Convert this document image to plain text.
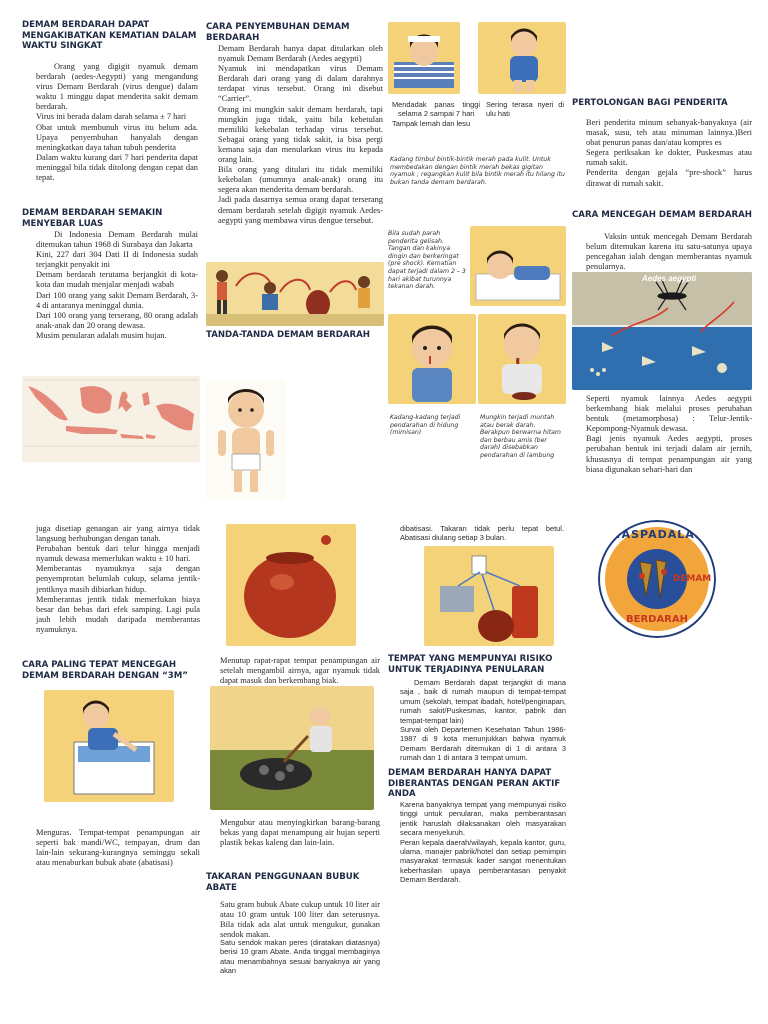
DEMAM BERDARAH DAPAT MENGAKIBATKAN KEMATIAN DALAM WAKTU SINGKAT

Orang yang digigit nyamuk demam berdarah (aedes-Aegypti) yang mengandung virus Demam Berdarah (virus dengue) dalam waktu 1 minggu dapat menderita sakit demam berdarah.

Virus ini berada dalam darah selama ± 7 hari

Obat untuk membunuh virus itu belum ada. Upaya penyembuhan hanyalah dengan meningkatkan daya tahan tubuh penderita

Dalam waktu kurang dari 7 hari penderita dapat meninggal bila tidak ditolong dengan cepat dan tepat.

DEMAM BERDARAH SEMAKIN MENYEBAR LUAS

Di Indonesia Demam Berdarah mulai ditemukan tahun 1968 di Surabaya dan Jakarta

Kini, 227 dari 304 Dati II di Indonesia sudah terjangkit penyakit ini

Demam berdarah terutama berjangkit di kota-kota dan mudah menjalar menjadi wabah

Dari 100 orang yang sakit Demam Berdarah, 3-4 di antaranya meninggal dunia.

Dari 100 orang yang terserang, 80 orang adalah anak-anak dan 20 orang dewasa.

Musim penularan adalah musim hujan.

CARA PENYEMBUHAN DEMAM BERDARAH

Demam Berdarah hanya dapat ditularkan oleh nyamuk Demam Berdarah (Aedes aegypti)

Nyamuk ini mendapatkan virus Demam Berdarah dari orang yang di dalam darahnya terdapat virus tersebut. Orang ini disebut “Carrier”.

Orang ini mungkin sakit demam berdarah, tapi mungkin juga tidak, yaitu bila kebetulan memiliki kekebalan terhadap virus tersebut. Sebagai orang yang tidak sakit, ia bisa pergi kemana saja dan menularkan virus itu kepada orang lain.

Bila orang yang ditulari itu tidak memiliki kekebalan (umumnya anak-anak) orang itu segera akan menderita demam berdarah.

Jadi pada dasarnya semua orang dapat terserang demam berdarah setelah digigit nyamuk Aedes-aegypti yang membawa virus dengue tersebut.

TANDA-TANDA DEMAM BERDARAH

Mendadak panas tinggi selama 2 sampai 7 hari

Tampak lemah dan lesu

Sering terasa nyeri di ulu hati
Kadang timbul bintik-bintik merah pada kulit. Untuk membedakan dengan bintik merah bekas gigitan nyamuk ; regangkan kulit bila bintik merah itu hilang itu bukan tanda demam berdarah.
Bila sudah parah penderita gelisah. Tangan dan kakinya dingin dan berkeringat (pre shock). Kematian dapat terjadi dalam 2 – 3 hari akibat turunnya tekanan darah.
Kadang-kadang terjadi pendarahan di hidung (mimisan)
Mungkin terjadi muntah atau berak darah. Berakpun berwarna hitam dan berbau amis (ber darah) disebabkan pendarahan di lambung
PERTOLONGAN BAGI PENDERITA

Beri penderita minum sebanyak-banyaknya (air masak, susu, teh atau minuman lainnya.)Beri obat penurun panas dan/atau kompres es

Segera periksakan ke dokter, Puskesmas atau rumah sakit.

Penderita dengan gejala “pre-shock” harus dirawat di rumah sakit.

CARA MENCEGAH DEMAM BERDARAH

Vaksin untuk mencegah Demam Berdarah belum ditemukan karena itu satu-satunya upaya pencegahan ialah dengan memberantas nyamuk penularnya.

Aedes aegypti

Seperti nyamuk lainnya Aedes aegypti berkembang biak melalui proses perubahan bentuk (metamorphosa) : Telur-Jentik-Kepompong-Nyamuk dewasa.

Bagi jenis nyamuk Aedes aegypti, proses perubahan bentuk ini terjadi dalam air jernih, khususnya di tempat penampungan air yang biasa digunakan sehari-hari dan

juga disetiap genangan air yang airnya tidak langsung berhubungan dengan tanah.

Perubahan bentuk dari telur hingga menjadi nyamuk dewasa memerlukan waktu ± 10 hari.

Memberantas nyamuknya saja dengan penyemprotan belumlah cukup, selama jentik-jentiknya masih dibiarkan hidup.

Memberantas jentik tidak memerlukan biaya besar dan bebas dari efek samping. Lagi pula jauh lebih mudah daripada memberantas nyamuknya.

CARA PALING TEPAT MENCEGAH DEMAM BERDARAH DENGAN “3M”
Menguras. Tempat-tempat penampungan air seperti bak mandi/WC, tempayan, drum dan lain-lain sekurang-kurangnya seminggu sekali atau menaburkan bubuk abate (abatisasi)
Menutup rapat-rapat tempat penampungan air setelah mengambil airnya, agar nyamuk tidak dapat masuk dan berkembang biak.
Mengubur atau menyingkirkan barang-barang bekas yang dapat menampung air hujan seperti plastik bekas kaleng dan lain-lain.
TAKARAN PENGGUNAAN BUBUK ABATE
Satu gram bubuk Abate cukup untuk 10 liter air atau 10 gram untuk 100 liter dan seterusnya. Bila tidak ada alat untuk mengukur, gunakan sendok makan.
Satu sendok makan peres (diratakan diatasnya) berisi 10 gram Abate. Anda tinggal membaginya atau menambahnya sesuai banyaknya air yang akan
dibatisasi. Takaran tidak perlu tepat betul. Abatisasi diulang setiap 3 bulan.
TEMPAT YANG MEMPUNYAI RISIKO UNTUK TERJADINYA PENULARAN

Demam Berdarah dapat terjangkit di mana saja , baik di rumah maupun di tempat-tempat umum (sekolah, tempat ibadah, hotel/penginapan, rumah sakit/Puskesmas, kantor, pabrik dan tempat-tempat lain)

Survai oleh Departemen Kesehatan Tahun 1986-1987 di 9 kota menunjukkan bahwa nyamuk Demam Berdarah ditemukan di 1 di antara 3 rumah dan 1 di antara 3 tempat umum.

DEMAM BERDARAH HANYA DAPAT DIBERANTAS DENGAN PERAN AKTIF ANDA

Karena banyaknya tempat yang mempunyai risiko tinggi untuk penularan, maka pemberantasan jentik haruslah dilaksanakan oleh masyarakan secara menyeluruh.

Peran kepala daerah/wilayah, kepala kantor, guru, ulama, manajer pabrik/hotel dan setiap pemimpin masyarakat termasuk kader sangat menentukan keberhasilan upaya pemberantasan penyakit Demam Berdarah.

WASPADALAH
DEMAM
BERDARAH
